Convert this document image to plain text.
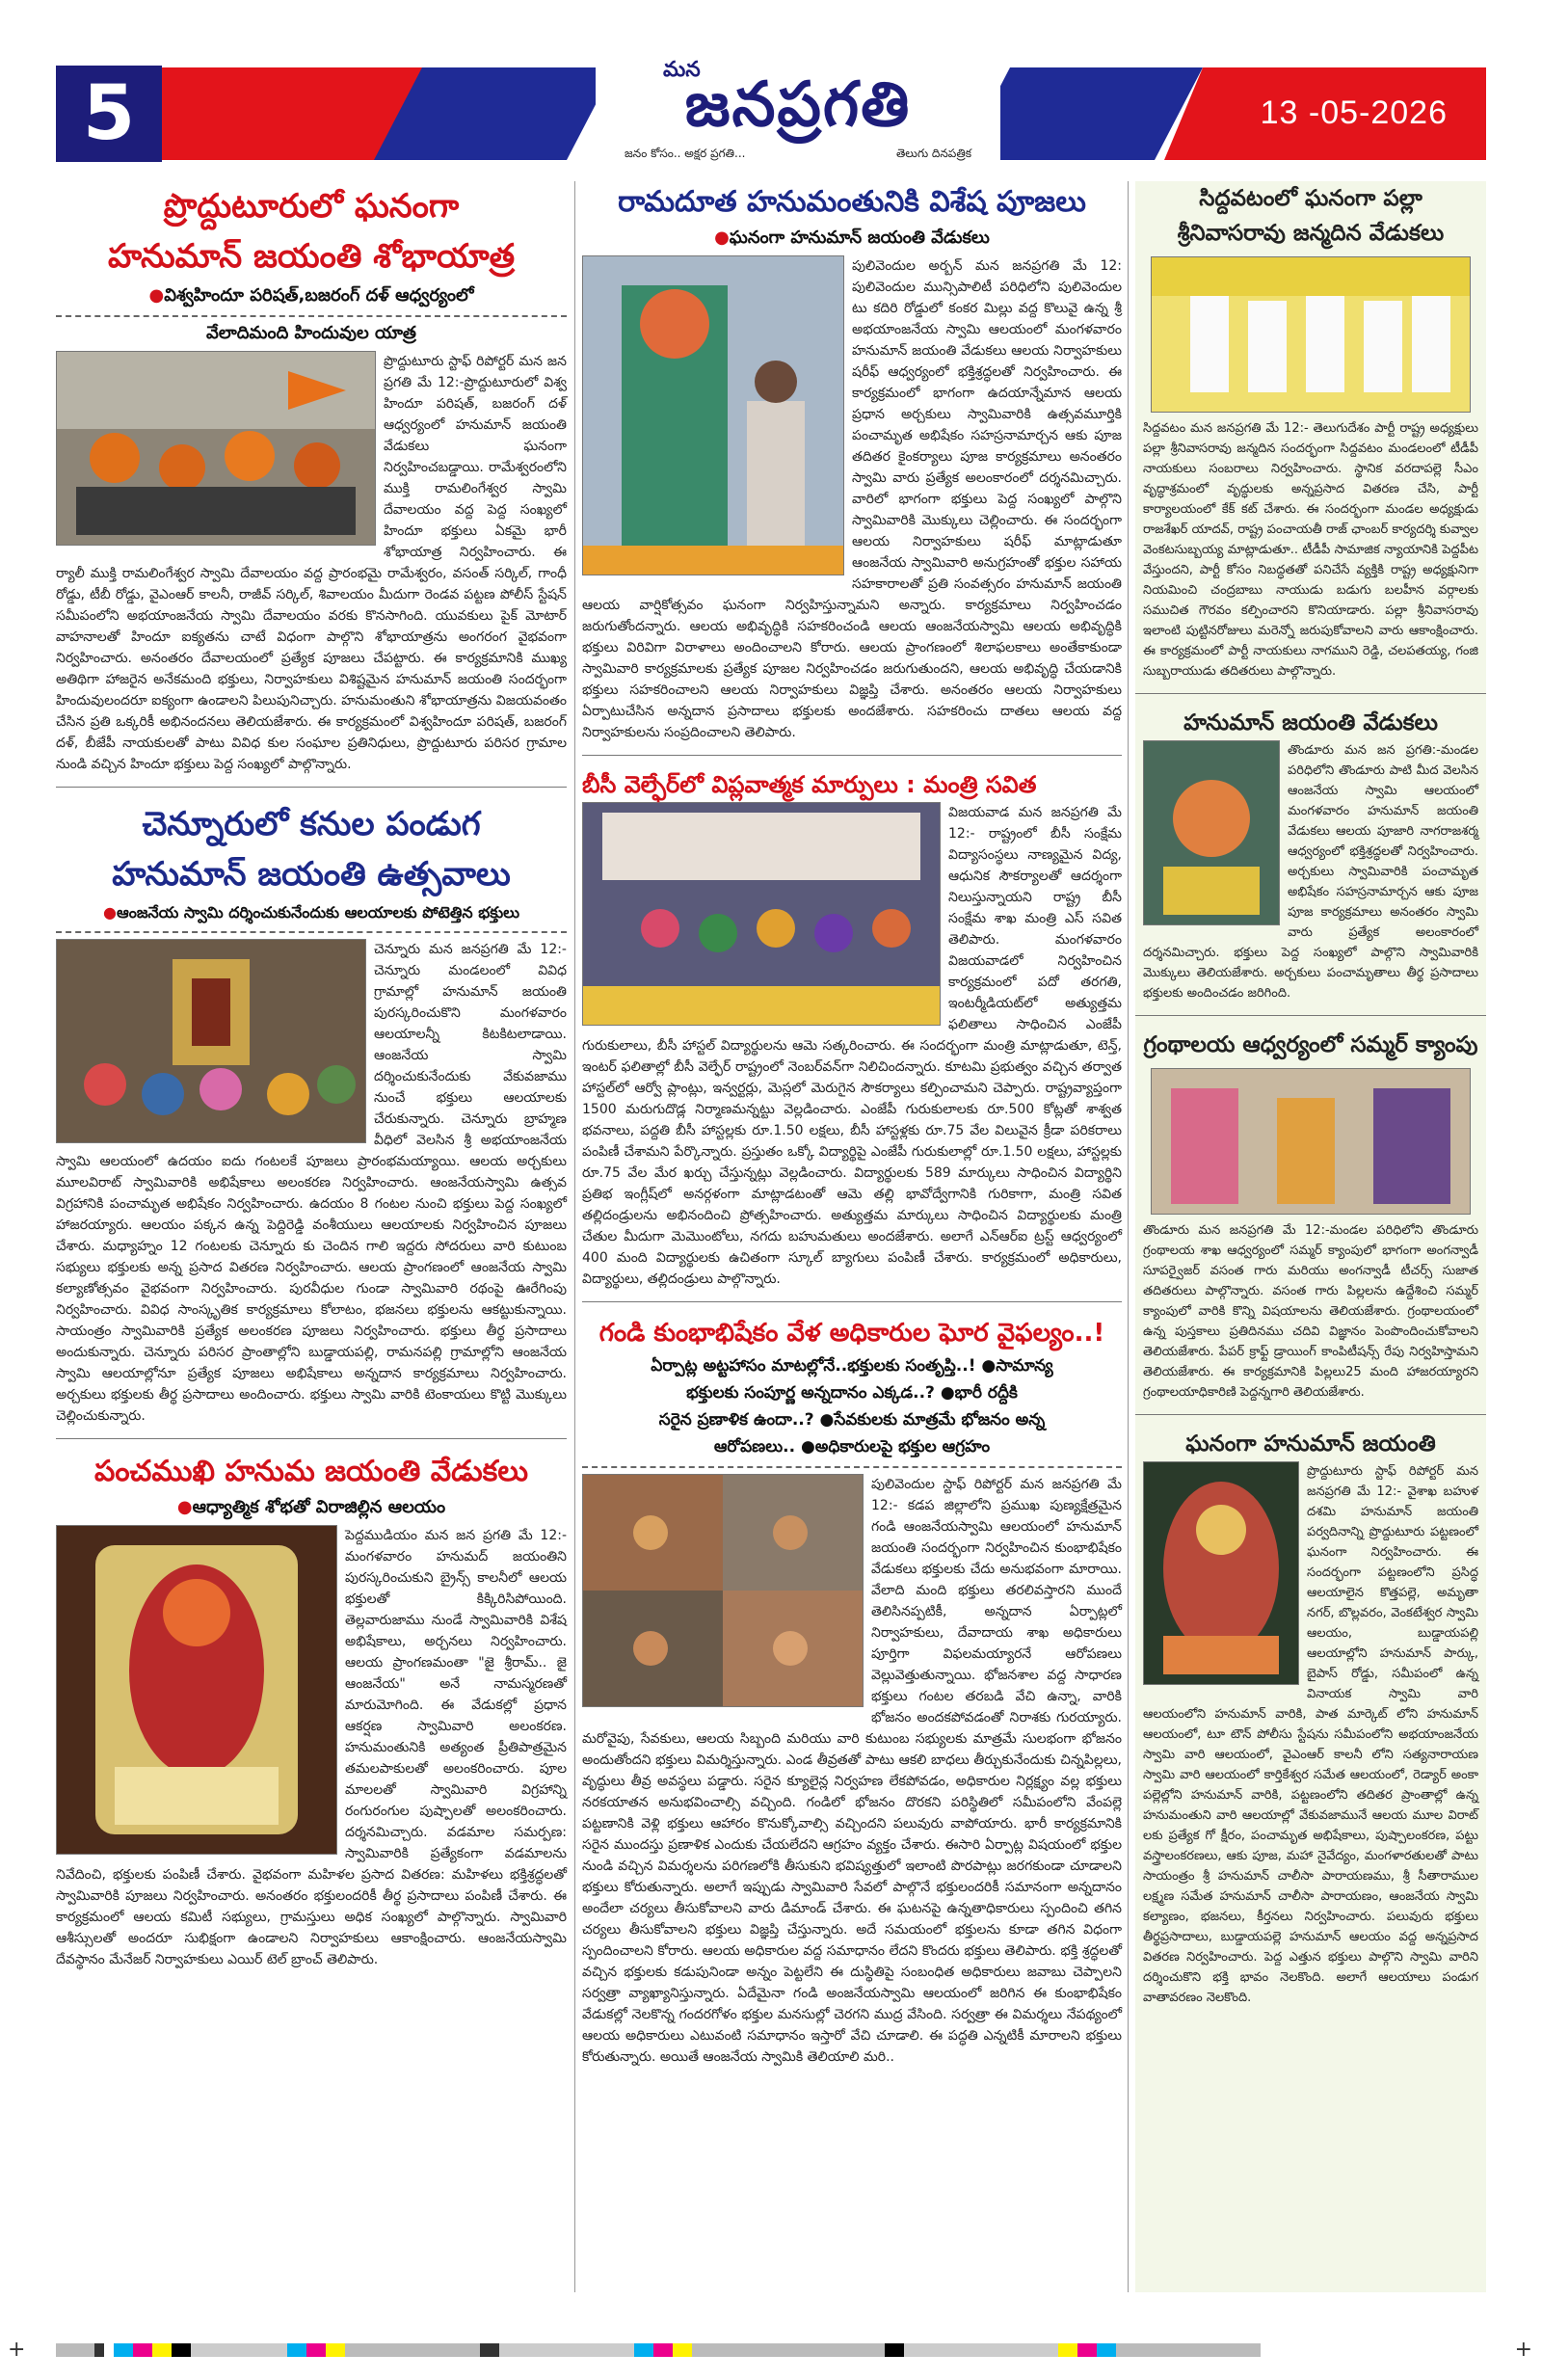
5
మన
జనప్రగతి
జనం కోసం.. అక్షర ప్రగతి...	తెలుగు దినపత్రిక
13 -05-2026
ప్రొద్దుటూరులో ఘనంగా
హనుమాన్ జయంతి శోభాయాత్ర
●విశ్వహిందూ పరిషత్,బజరంగ్ దళ్ ఆధ్వర్యంలో
వేలాదిమంది హిందువుల యాత్ర
ప్రొద్దుటూరు స్టాఫ్ రిపోర్టర్ మన జన ప్రగతి మే 12:-ప్రొద్దుటూరులో విశ్వ హిందూ పరిషత్, బజరంగ్ దళ్ ఆధ్వర్యంలో హనుమాన్ జయంతి వేడుకలు ఘనంగా నిర్వహించబడ్డాయి. రామేశ్వరంలోని ముక్తి రామలింగేశ్వర స్వామి దేవాలయం వద్ద పెద్ద సంఖ్యలో హిందూ భక్తులు ఏకమై భారీ శోభాయాత్ర నిర్వహించారు. ఈ ర్యాలీ ముక్తి రామలింగేశ్వర స్వామి దేవాలయం వద్ద ప్రారంభమై రామేశ్వరం, వసంత్ సర్కిల్, గాంధీ రోడ్డు, టీబీ రోడ్డు, వైఎంఆర్ కాలనీ, రాజీవ్ సర్కిల్, శివాలయం మీదుగా రెండవ పట్టణ పోలీస్ స్టేషన్ సమీపంలోని అభయాంజనేయ స్వామి దేవాలయం వరకు కొనసాగింది. యువకులు పైక్ మోటార్ వాహనాలతో హిందూ ఐక్యతను చాటే విధంగా పాల్గొని శోభాయాత్రను అంగరంగ వైభవంగా నిర్వహించారు. అనంతరం దేవాలయంలో ప్రత్యేక పూజలు చేపట్టారు. ఈ కార్యక్రమానికి ముఖ్య అతిథిగా హాజరైన అనేకమంది భక్తులు, నిర్వాహకులు విశిష్టమైన హనుమాన్ జయంతి సందర్భంగా హిందువులందరూ ఐక్యంగా ఉండాలని పిలుపునిచ్చారు. హనుమంతుని శోభాయాత్రను విజయవంతం చేసిన ప్రతి ఒక్కరికీ అభినందనలు తెలియజేశారు. ఈ కార్యక్రమంలో విశ్వహిందూ పరిషత్, బజరంగ్ దళ్, బీజేపీ నాయకులతో పాటు వివిధ కుల సంఘాల ప్రతినిధులు, ప్రొద్దుటూరు పరిసర గ్రామాల నుండి వచ్చిన హిందూ భక్తులు పెద్ద సంఖ్యలో పాల్గొన్నారు.
చెన్నూరులో కనుల పండుగ
హనుమాన్ జయంతి ఉత్సవాలు
●ఆంజనేయ స్వామి దర్శించుకునేందుకు ఆలయాలకు పోటెత్తిన భక్తులు
చెన్నూరు మన జనప్రగతి మే 12:-చెన్నూరు మండలంలో వివిధ గ్రామాల్లో హనుమాన్ జయంతి పురస్కరించుకొని మంగళవారం ఆలయాలన్నీ కిటకిటలాడాయి. ఆంజనేయ స్వామి దర్శించుకునేందుకు వేకువజాము నుంచే భక్తులు ఆలయాలకు చేరుకున్నారు. చెన్నూరు బ్రాహ్మణ వీధిలో వెలసిన శ్రీ అభయాంజనేయ స్వామి ఆలయంలో ఉదయం ఐదు గంటలకే పూజలు ప్రారంభమయ్యాయి. ఆలయ అర్చకులు మూలవిరాట్ స్వామివారికి అభిషేకాలు అలంకరణ నిర్వహించారు. ఆంజనేయస్వామి ఉత్సవ విగ్రహానికి పంచామృత అభిషేకం నిర్వహించారు. ఉదయం 8 గంటల నుంచి భక్తులు పెద్ద సంఖ్యలో హాజరయ్యారు. ఆలయం పక్కన ఉన్న పెద్దిరెడ్డి వంశీయులు ఆలయాలకు నిర్వహించిన పూజలు చేశారు. మధ్యాహ్నం 12 గంటలకు చెన్నూరు కు చెందిన గాలి ఇద్దరు సోదరులు వారి కుటుంబ సభ్యులు భక్తులకు అన్న ప్రసాద వితరణ నిర్వహించారు. ఆలయ ప్రాంగణంలో ఆంజనేయ స్వామి కల్యాణోత్సవం వైభవంగా నిర్వహించారు. పురవీధుల గుండా స్వామివారి రథంపై ఊరేగింపు నిర్వహించారు. వివిధ సాంస్కృతిక కార్యక్రమాలు కోలాటం, భజనలు భక్తులను ఆకట్టుకున్నాయి. సాయంత్రం స్వామివారికి ప్రత్యేక అలంకరణ పూజలు నిర్వహించారు. భక్తులు తీర్థ ప్రసాదాలు అందుకున్నారు. చెన్నూరు పరిసర ప్రాంతాల్లోని బుడ్డాయపల్లి, రామనపల్లి గ్రామాల్లోని ఆంజనేయ స్వామి ఆలయాల్లోనూ ప్రత్యేక పూజలు అభిషేకాలు అన్నదాన కార్యక్రమాలు నిర్వహించారు. అర్చకులు భక్తులకు తీర్థ ప్రసాదాలు అందించారు. భక్తులు స్వామి వారికి టెంకాయలు కొట్టి మొక్కులు చెల్లించుకున్నారు.
పంచముఖి హనుమ జయంతి వేడుకలు
●ఆధ్యాత్మిక శోభతో విరాజిల్లిన ఆలయం
పెద్దముడియం మన జన ప్రగతి మే 12:-మంగళవారం హనుమద్ జయంతిని పురస్కరించుకుని బ్రైన్స్ కాలనీలో ఆలయ భక్తులతో కిక్కిరిసిపోయింది. తెల్లవారుజాము నుండే స్వామివారికి విశేష అభిషేకాలు, అర్చనలు నిర్వహించారు. ఆలయ ప్రాంగణమంతా "జై శ్రీరామ్.. జై ఆంజనేయ" అనే నామస్మరణతో మారుమోగింది. ఈ వేడుకల్లో ప్రధాన ఆకర్షణ స్వామివారి అలంకరణ. హనుమంతునికి అత్యంత ప్రీతిపాత్రమైన తమలపాకులతో అలంకరించారు. పూల మాలలతో స్వామివారి విగ్రహాన్ని రంగురంగుల పుష్పాలతో అలంకరించారు. దర్శనమిచ్చారు. వడమాల సమర్పణ: స్వామివారికి ప్రత్యేకంగా వడమాలను నివేదించి, భక్తులకు పంపిణీ చేశారు. వైభవంగా మహిళల ప్రసాద వితరణ: మహిళలు భక్తిశ్రద్ధలతో స్వామివారికి పూజలు నిర్వహించారు. అనంతరం భక్తులందరికీ తీర్థ ప్రసాదాలు పంపిణీ చేశారు. ఈ కార్యక్రమంలో ఆలయ కమిటీ సభ్యులు, గ్రామస్తులు అధిక సంఖ్యలో పాల్గొన్నారు. స్వామివారి ఆశీస్సులతో అందరూ సుభిక్షంగా ఉండాలని నిర్వాహకులు ఆకాంక్షించారు. ఆంజనేయస్వామి దేవస్థానం మేనేజర్ నిర్వాహకులు ఎయిర్ టెల్ బ్రాంచ్ తెలిపారు.
రామదూత హనుమంతునికి విశేష పూజలు
●ఘనంగా హనుమాన్ జయంతి వేడుకలు
పులివెందుల అర్బన్ మన జనప్రగతి మే 12: పులివెందుల మున్సిపాలిటీ పరిధిలోని పులివెందుల టు కదిరి రోడ్డులో కంకర మిల్లు వద్ద కొలువై ఉన్న శ్రీ అభయాంజనేయ స్వామి ఆలయంలో మంగళవారం హనుమాన్ జయంతి వేడుకలు ఆలయ నిర్వాహకులు షరీఫ్ ఆధ్వర్యంలో భక్తిశ్రద్ధలతో నిర్వహించారు. ఈ కార్యక్రమంలో భాగంగా ఉదయాన్నేమాన ఆలయ ప్రధాన అర్చకులు స్వామివారికి ఉత్సవమూర్తికి పంచామృత అభిషేకం సహస్రనామార్చన ఆకు పూజ తదితర కైంకర్యాలు పూజ కార్యక్రమాలు అనంతరం స్వామి వారు ప్రత్యేక అలంకారంలో దర్శనమిచ్చారు. వారిలో భాగంగా భక్తులు పెద్ద సంఖ్యలో పాల్గొని స్వామివారికి మొక్కులు చెల్లించారు. ఈ సందర్భంగా ఆలయ నిర్వాహకులు షరీఫ్ మాట్లాడుతూ ఆంజనేయ స్వామివారి అనుగ్రహంతో భక్తుల సహాయ సహకారాలతో ప్రతి సంవత్సరం హనుమాన్ జయంతి ఆలయ వార్షికోత్సవం ఘనంగా నిర్వహిస్తున్నామని అన్నారు. కార్యక్రమాలు నిర్వహించడం జరుగుతోందన్నారు. ఆలయ అభివృద్ధికి సహకరించండి ఆలయ ఆంజనేయస్వామి ఆలయ అభివృద్ధికి భక్తులు విరివిగా విరాళాలు అందించాలని కోరారు. ఆలయ ప్రాంగణంలో శిలాఫలకాలు అంతేకాకుండా స్వామివారి కార్యక్రమాలకు ప్రత్యేక పూజల నిర్వహించడం జరుగుతుందని, ఆలయ అభివృద్ధి చేయడానికి భక్తులు సహకరించాలని ఆలయ నిర్వాహకులు విజ్ఞప్తి చేశారు. అనంతరం ఆలయ నిర్వాహకులు ఏర్పాటుచేసిన అన్నదాన ప్రసాదాలు భక్తులకు అందజేశారు. సహకరించు దాతలు ఆలయ వద్ద నిర్వాహకులను సంప్రదించాలని తెలిపారు.
బీసీ వెల్ఫేర్‌లో విప్లవాత్మక మార్పులు : మంత్రి సవిత
విజయవాడ మన జనప్రగతి మే 12:- రాష్ట్రంలో బీసీ సంక్షేమ విద్యాసంస్థలు నాణ్యమైన విద్య, ఆధునిక సౌకర్యాలతో ఆదర్శంగా నిలుస్తున్నాయని రాష్ట్ర బీసీ సంక్షేమ శాఖ మంత్రి ఎస్ సవిత తెలిపారు. మంగళవారం విజయవాడలో నిర్వహించిన కార్యక్రమంలో పదో తరగతి, ఇంటర్మీడియట్‌లో అత్యుత్తమ ఫలితాలు సాధించిన ఎంజేపీ గురుకులాలు, బీసీ హాస్టల్ విద్యార్థులను ఆమె సత్కరించారు. ఈ సందర్భంగా మంత్రి మాట్లాడుతూ, టెన్త్, ఇంటర్ ఫలితాల్లో బీసీ వెల్ఫేర్ రాష్ట్రంలో నెంబర్‌వన్‌గా నిలిచిందన్నారు. కూటమి ప్రభుత్వం వచ్చిన తర్వాత హాస్టల్‌లో ఆర్వో ప్లాంట్లు, ఇన్వర్టర్లు, మెస్లలో మెరుగైన సౌకర్యాలు కల్పించామని చెప్పారు. రాష్ట్రవ్యాప్తంగా 1500 మరుగుదొడ్ల నిర్మాణమన్నట్టు వెల్లడించారు. ఎంజేపీ గురుకులాలకు రూ.500 కోట్లతో శాశ్వత భవనాలు, పద్దతి బీసీ హాస్టల్లకు రూ.1.50 లక్షలు, బీసీ హాస్టళ్లకు రూ.75 వేల విలువైన క్రీడా పరికరాలు పంపిణీ చేశామని పేర్కొన్నారు. ప్రస్తుతం ఒక్కో విద్యార్థిపై ఎంజేపీ గురుకులాల్లో రూ.1.50 లక్షలు, హాస్టల్లకు రూ.75 వేల మేర ఖర్చు చేస్తున్నట్లు వెల్లడించారు. విద్యార్థులకు 589 మార్కులు సాధించిన విద్యార్థిని ప్రతిభ ఇంగ్లీష్‌లో అనర్గళంగా మాట్లాడటంతో ఆమె తల్లి భావోద్వేగానికి గురికాగా, మంత్రి సవిత తల్లిదండ్రులను అభినందించి ప్రోత్సహించారు. అత్యుత్తమ మార్కులు సాధించిన విద్యార్థులకు మంత్రి చేతుల మీదుగా మెమొంటోలు, నగదు బహుమతులు అందజేశారు. అలాగే ఎన్ఆర్ఐ ట్రస్ట్ ఆధ్వర్యంలో 400 మంది విద్యార్థులకు ఉచితంగా స్కూల్ బ్యాగులు పంపిణీ చేశారు. కార్యక్రమంలో అధికారులు, విద్యార్థులు, తల్లిదండ్రులు పాల్గొన్నారు.
గండి కుంభాభిషేకం వేళ అధికారుల ఘోర వైఫల్యం..!
ఏర్పాట్ల అట్టహాసం మాటల్లోనే..భక్తులకు సంతృప్తి..! ●సామాన్య
భక్తులకు సంపూర్ణ అన్నదానం ఎక్కడ..? ●భారీ రద్దీకి
సరైన ప్రణాళిక ఉందా..? ●సేవకులకు మాత్రమే భోజనం అన్న
ఆరోపణలు.. ●అధికారులపై భక్తుల ఆగ్రహం
పులివెందుల స్టాఫ్ రిపోర్టర్ మన జనప్రగతి మే 12:- కడప జిల్లాలోని ప్రముఖ పుణ్యక్షేత్రమైన గండి ఆంజనేయస్వామి ఆలయంలో హనుమాన్ జయంతి సందర్భంగా నిర్వహించిన కుంభాభిషేకం వేడుకలు భక్తులకు చేదు అనుభవంగా మారాయి. వేలాది మంది భక్తులు తరలివస్తారని ముందే తెలిసినప్పటికీ, అన్నదాన ఏర్పాట్లలో నిర్వాహకులు, దేవాదాయ శాఖ అధికారులు పూర్తిగా విఫలమయ్యారనే ఆరోపణలు వెల్లువెత్తుతున్నాయి. భోజనశాల వద్ద సాధారణ భక్తులు గంటల తరబడి వేచి ఉన్నా, వారికి భోజనం అందకపోవడంతో నిరాశకు గురయ్యారు. మరోవైపు, సేవకులు, ఆలయ సిబ్బంది మరియు వారి కుటుంబ సభ్యులకు మాత్రమే సులభంగా భోజనం అందుతోందని భక్తులు విమర్శిస్తున్నారు. ఎండ తీవ్రతతో పాటు ఆకలి బాధలు తీర్చుకునేందుకు చిన్నపిల్లలు, వృద్ధులు తీవ్ర అవస్థలు పడ్డారు. సరైన క్యూలైన్ల నిర్వహణ లేకపోవడం, అధికారుల నిర్లక్ష్యం వల్ల భక్తులు నరకయాతన అనుభవించాల్సి వచ్చింది. గండిలో భోజనం దొరకని పరిస్థితిలో సమీపంలోని వేంపల్లె పట్టణానికి వెళ్లి భక్తులు ఆహారం కొనుక్కోవాల్సి వచ్చిందని పలువురు వాపోయారు. భారీ కార్యక్రమానికి సరైన ముందస్తు ప్రణాళిక ఎందుకు చేయలేదని ఆగ్రహం వ్యక్తం చేశారు. ఈసారి ఏర్పాట్ల విషయంలో భక్తుల నుండి వచ్చిన విమర్శలను పరిగణలోకి తీసుకుని భవిష్యత్తులో ఇలాంటి పొరపాట్లు జరగకుండా చూడాలని భక్తులు కోరుతున్నారు. అలాగే ఇప్పుడు స్వామివారి సేవలో పాల్గొనే భక్తులందరికీ సమానంగా అన్నదానం అందేలా చర్యలు తీసుకోవాలని వారు డిమాండ్ చేశారు. ఈ ఘటనపై ఉన్నతాధికారులు స్పందించి తగిన చర్యలు తీసుకోవాలని భక్తులు విజ్ఞప్తి చేస్తున్నారు. అదే సమయంలో భక్తులను కూడా తగిన విధంగా స్పందించాలని కోరారు. ఆలయ అధికారుల వద్ద సమాధానం లేదని కొందరు భక్తులు తెలిపారు. భక్తి శ్రద్ధలతో వచ్చిన భక్తులకు కడుపునిండా అన్నం పెట్టలేని ఈ దుస్థితిపై సంబంధిత అధికారులు జవాబు చెప్పాలని సర్వత్రా వ్యాఖ్యానిస్తున్నారు. ఏదేమైనా గండి అంజనేయస్వామి ఆలయంలో జరిగిన ఈ కుంభాభిషేకం వేడుకల్లో నెలకొన్న గందరగోళం భక్తుల మనసుల్లో చెరగని ముద్ర వేసింది. సర్వత్రా ఈ విమర్శలు నేపథ్యంలో ఆలయ అధికారులు ఎటువంటి సమాధానం ఇస్తారో వేచి చూడాలి. ఈ పద్ధతి ఎన్నటికీ మారాలని భక్తులు కోరుతున్నారు. అయితే ఆంజనేయ స్వామికి తెలియాలి మరి..
సిద్దవటంలో ఘనంగా పల్లా
శ్రీనివాసరావు జన్మదిన వేడుకలు
సిద్దవటం మన జనప్రగతి మే 12:- తెలుగుదేశం పార్టీ రాష్ట్ర అధ్యక్షులు పల్లా శ్రీనివాసరావు జన్మదిన సందర్భంగా సిద్దవటం మండలంలో టీడీపీ నాయకులు సంబరాలు నిర్వహించారు. స్థానిక వరదాపల్లె సీఎం వృద్ధాశ్రమంలో వృద్ధులకు అన్నప్రసాద వితరణ చేసి, పార్టీ కార్యాలయంలో కేక్ కట్ చేశారు. ఈ సందర్భంగా మండల అధ్యక్షుడు రాజశేఖర్ యాదవ్, రాష్ట్ర పంచాయతీ రాజ్ ఛాంబర్ కార్యదర్శి కువ్వాల వెంకటసుబ్బయ్య మాట్లాడుతూ.. టీడీపీ సామాజిక న్యాయానికి పెద్దపీట వేస్తుందని, పార్టీ కోసం నిబద్ధతతో పనిచేసే వ్యక్తికి రాష్ట్ర అధ్యక్షునిగా నియమించి చంద్రబాబు నాయుడు బడుగు బలహీన వర్గాలకు సముచిత గౌరవం కల్పించారని కొనియాడారు. పల్లా శ్రీనివాసరావు ఇలాంటి పుట్టినరోజులు మరెన్నో జరుపుకోవాలని వారు ఆకాంక్షించారు. ఈ కార్యక్రమంలో పార్టీ నాయకులు నాగముని రెడ్డి, చలపతయ్య, గంజి సుబ్బరాయుడు తదితరులు పాల్గొన్నారు.
హనుమాన్ జయంతి వేడుకలు
తొండూరు మన జన ప్రగతి:-మండల పరిధిలోని తొండూరు పాటి మీద వెలసిన ఆంజనేయ స్వామి ఆలయంలో మంగళవారం హనుమాన్ జయంతి వేడుకలు ఆలయ పూజారి నాగరాజశర్మ ఆధ్వర్యంలో భక్తిశ్రద్ధలతో నిర్వహించారు. అర్చకులు స్వామివారికి పంచామృత అభిషేకం సహస్రనామార్చన ఆకు పూజ పూజ కార్యక్రమాలు అనంతరం స్వామి వారు ప్రత్యేక అలంకారంలో దర్శనమిచ్చారు. భక్తులు పెద్ద సంఖ్యలో పాల్గొని స్వామివారికి మొక్కులు తెలియజేశారు. అర్చకులు పంచామృతాలు తీర్థ ప్రసాదాలు భక్తులకు అందించడం జరిగింది.
గ్రంథాలయ ఆధ్వర్యంలో సమ్మర్ క్యాంపు
తొండూరు మన జనప్రగతి మే 12:-మండల పరిధిలోని తొండూరు గ్రంథాలయ శాఖ ఆధ్వర్యంలో సమ్మర్ క్యాంపులో భాగంగా అంగన్వాడీ సూపర్వైజర్ వసంత గారు మరియు అంగన్వాడీ టీచర్స్ సుజాత తదితరులు పాల్గొన్నారు. వసంత గారు పిల్లలను ఉద్దేశించి సమ్మర్ క్యాంపులో వారికి కొన్ని విషయాలను తెలియజేశారు. గ్రంథాలయంలో ఉన్న పుస్తకాలు ప్రతిదినము చదివి విజ్ఞానం పెంపొందించుకోవాలని తెలియజేశారు. పేపర్ క్రాఫ్ట్ డ్రాయింగ్ కాంపిటీషన్స్ రేపు నిర్వహిస్తామని తెలియజేశారు. ఈ కార్యక్రమానికి పిల్లలు25 మంది హాజరయ్యారని గ్రంథాలయాధికారిణి పెద్దన్నగారి తెలియజేశారు.
ఘనంగా హనుమాన్ జయంతి
ప్రొద్దుటూరు స్టాఫ్ రిపోర్టర్ మన జనప్రగతి మే 12:- వైశాఖ బహుళ దశమి హనుమాన్ జయంతి పర్వదినాన్ని ప్రొద్దుటూరు పట్టణంలో ఘనంగా నిర్వహించారు. ఈ సందర్భంగా పట్టణంలోని ప్రసిద్ధ ఆలయాలైన కొత్తపల్లె, అమృతా నగర్, బొల్లవరం, వెంకటేశ్వర స్వామి ఆలయం, బుడ్డాయపల్లి ఆలయాల్లోని హనుమాన్ పార్కు, బైపాస్ రోడ్డు, సమీపంలో ఉన్న వినాయక స్వామి వారి ఆలయంలోని హనుమాన్ వారికి, పాత మార్కెట్ లోని హనుమాన్ ఆలయంలో, టూ టౌన్ పోలీసు స్టేషను సమీపంలోని అభయాంజనేయ స్వామి వారి ఆలయంలో, వైఎంఆర్ కాలనీ లోని సత్యనారాయణ స్వామి వారి ఆలయంలో కార్తికేశ్వర సమేత ఆలయంలో, రెడ్యార్ అంకా పల్లెల్లోని హనుమాన్ వారికి, పట్టణంలోని తదితర ప్రాంతాల్లో ఉన్న హనుమంతుని వారి ఆలయాల్లో వేకువజామునే ఆలయ మూల విరాట్ లకు ప్రత్యేక గో క్షీరం, పంచామృత అభిషేకాలు, పుష్పాలంకరణ, పట్టు వస్త్రాలంకరణలు, ఆకు పూజ, మహా నైవేద్యం, మంగళారతులతో పాటు సాయంత్రం శ్రీ హనుమాన్ చాలీసా పారాయణము, శ్రీ సీతారాముల లక్ష్మణ సమేత హనుమాన్ చాలీసా పారాయణం, ఆంజనేయ స్వామి కల్యాణం, భజనలు, కీర్తనలు నిర్వహించారు. పలువురు భక్తులు తీర్థప్రసాదాలు, బుడ్డాయపల్లె హనుమాన్ ఆలయం వద్ద అన్నప్రసాద వితరణ నిర్వహించారు. పెద్ద ఎత్తున భక్తులు పాల్గొని స్వామి వారిని దర్శించుకొని భక్తి భావం నెలకొంది. అలాగే ఆలయాలు పండుగ వాతావరణం నెలకొంది.
+	+
